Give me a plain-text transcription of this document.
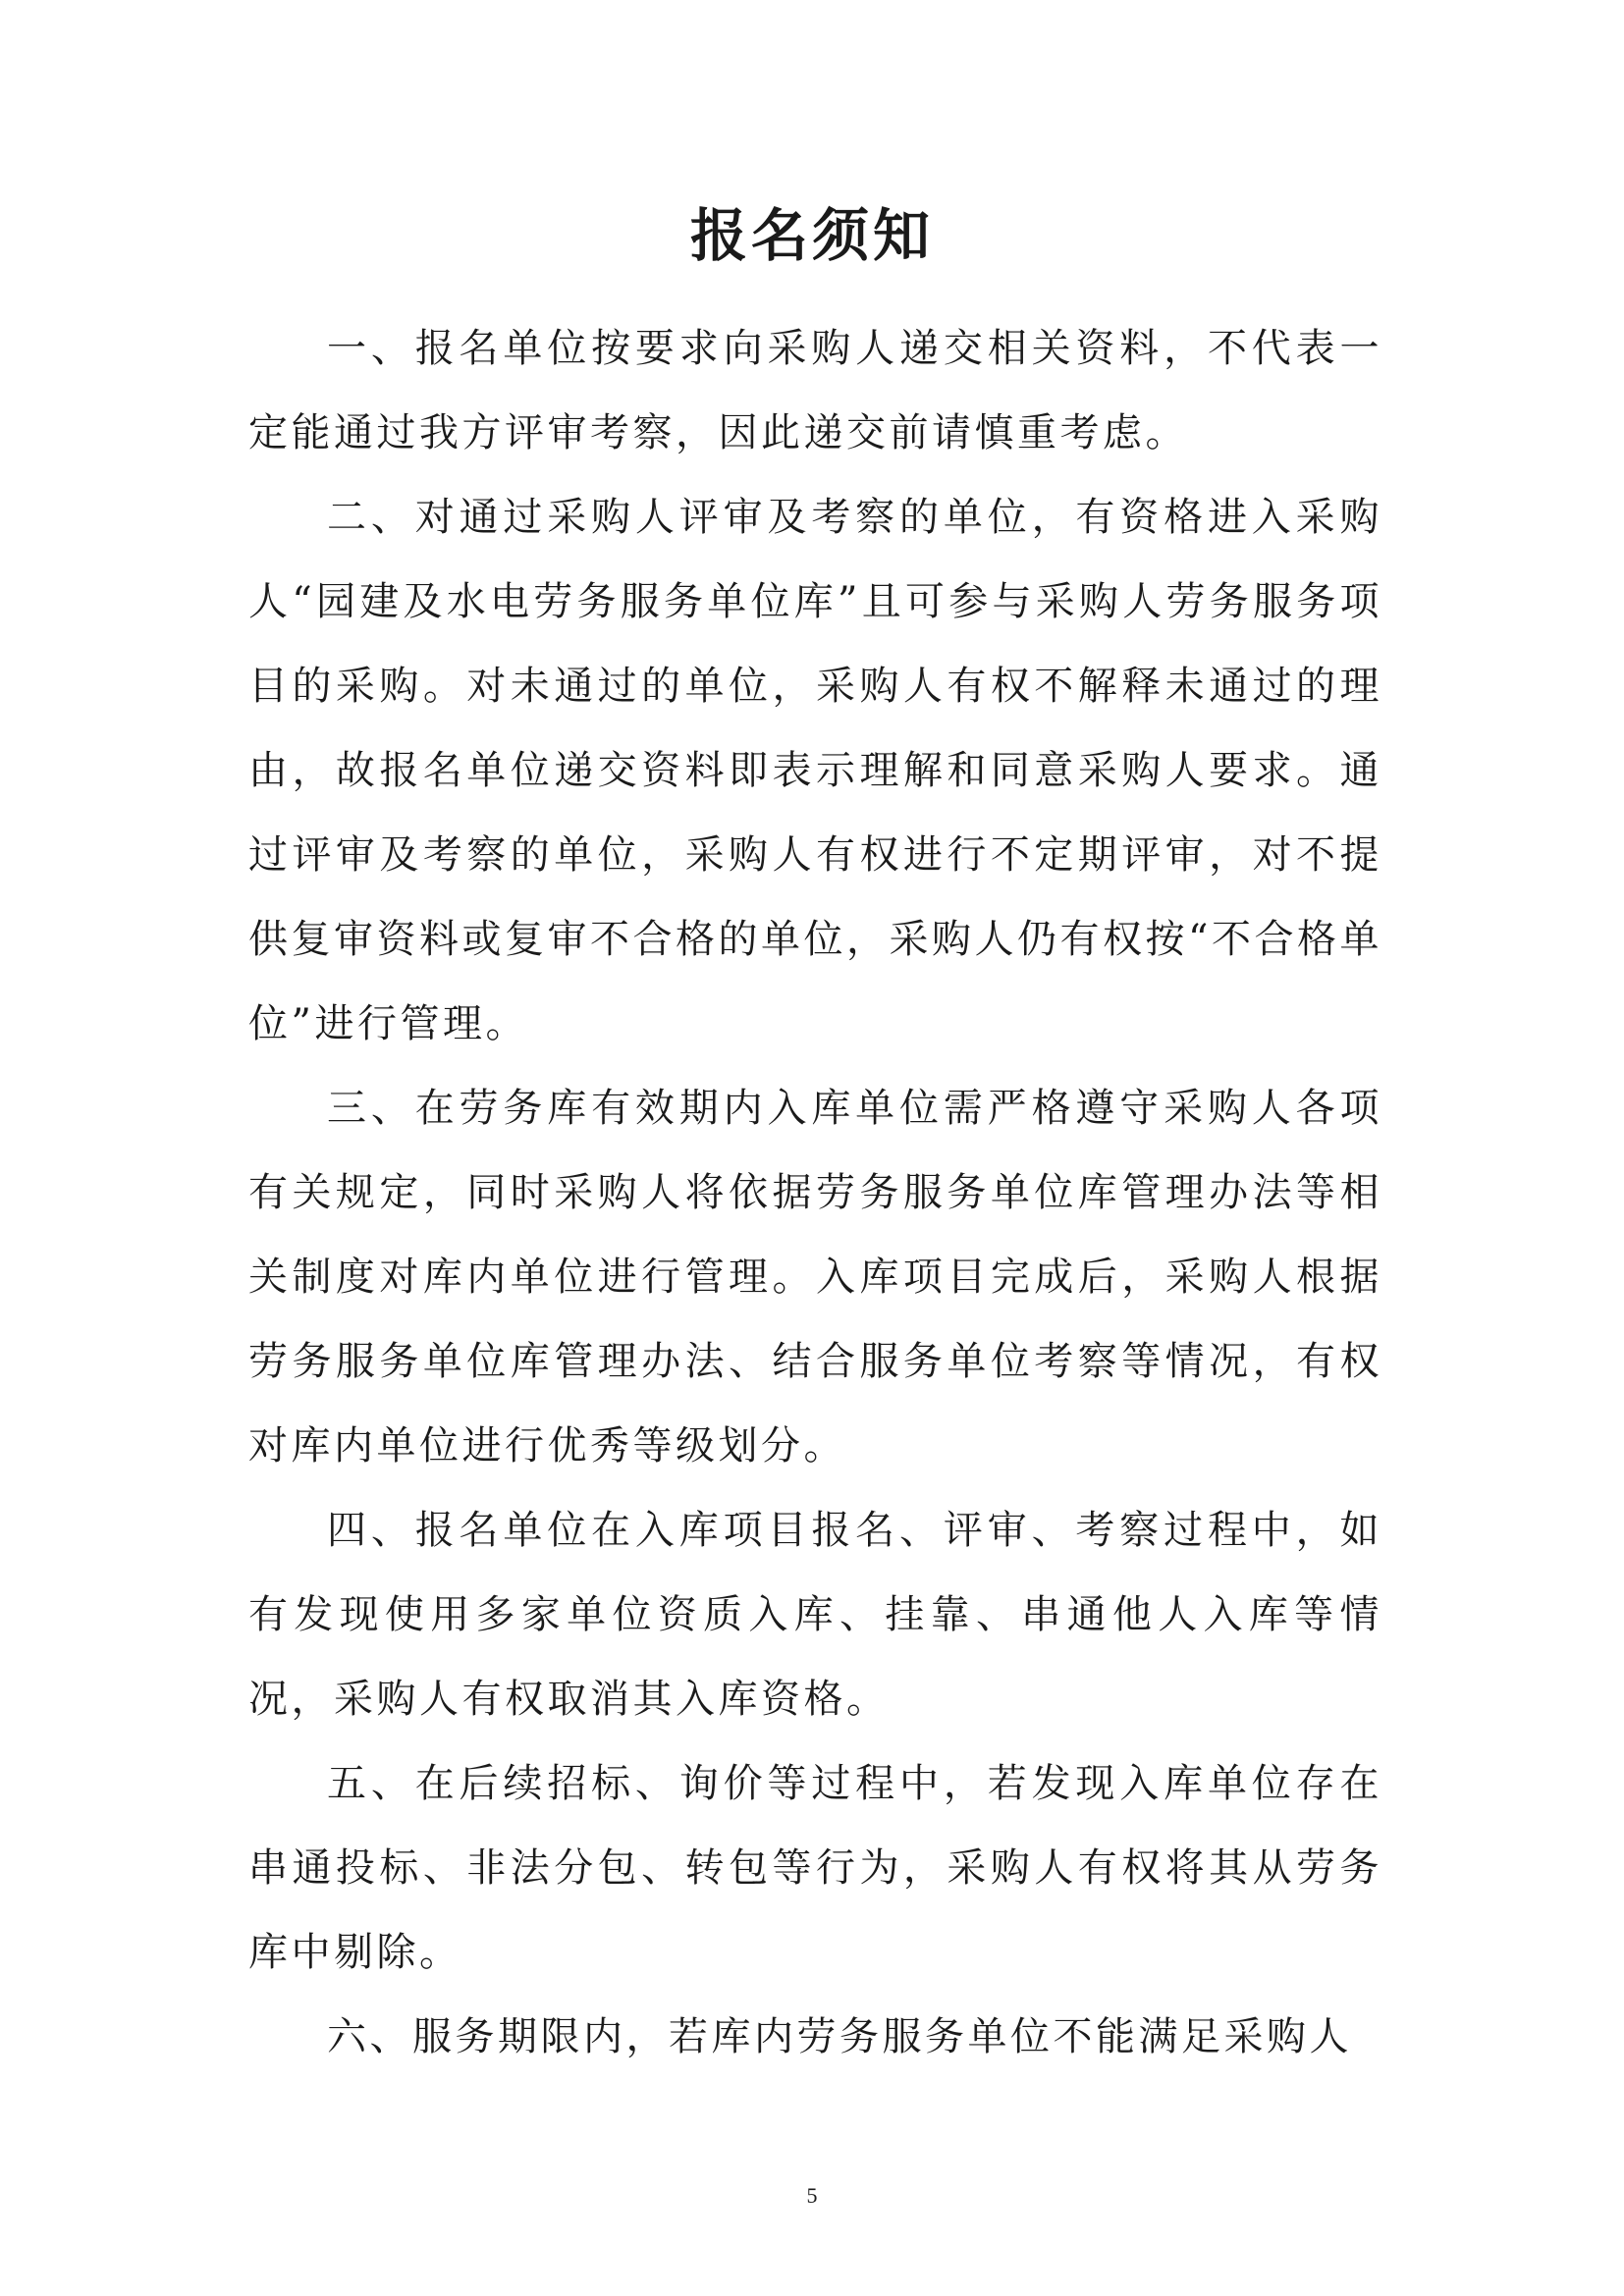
报名须知

一、报名单位按要求向采购人递交相关资料，不代表一定能通过我方评审考察，因此递交前请慎重考虑。

二、对通过采购人评审及考察的单位，有资格进入采购人“园建及水电劳务服务单位库”且可参与采购人劳务服务项目的采购。对未通过的单位，采购人有权不解释未通过的理由，故报名单位递交资料即表示理解和同意采购人要求。通过评审及考察的单位，采购人有权进行不定期评审，对不提供复审资料或复审不合格的单位，采购人仍有权按“不合格单位”进行管理。

三、在劳务库有效期内入库单位需严格遵守采购人各项有关规定，同时采购人将依据劳务服务单位库管理办法等相关制度对库内单位进行管理。入库项目完成后，采购人根据劳务服务单位库管理办法、结合服务单位考察等情况，有权对库内单位进行优秀等级划分。

四、报名单位在入库项目报名、评审、考察过程中，如有发现使用多家单位资质入库、挂靠、串通他人入库等情况，采购人有权取消其入库资格。

五、在后续招标、询价等过程中，若发现入库单位存在串通投标、非法分包、转包等行为，采购人有权将其从劳务库中剔除。

六、服务期限内，若库内劳务服务单位不能满足采购人

5
